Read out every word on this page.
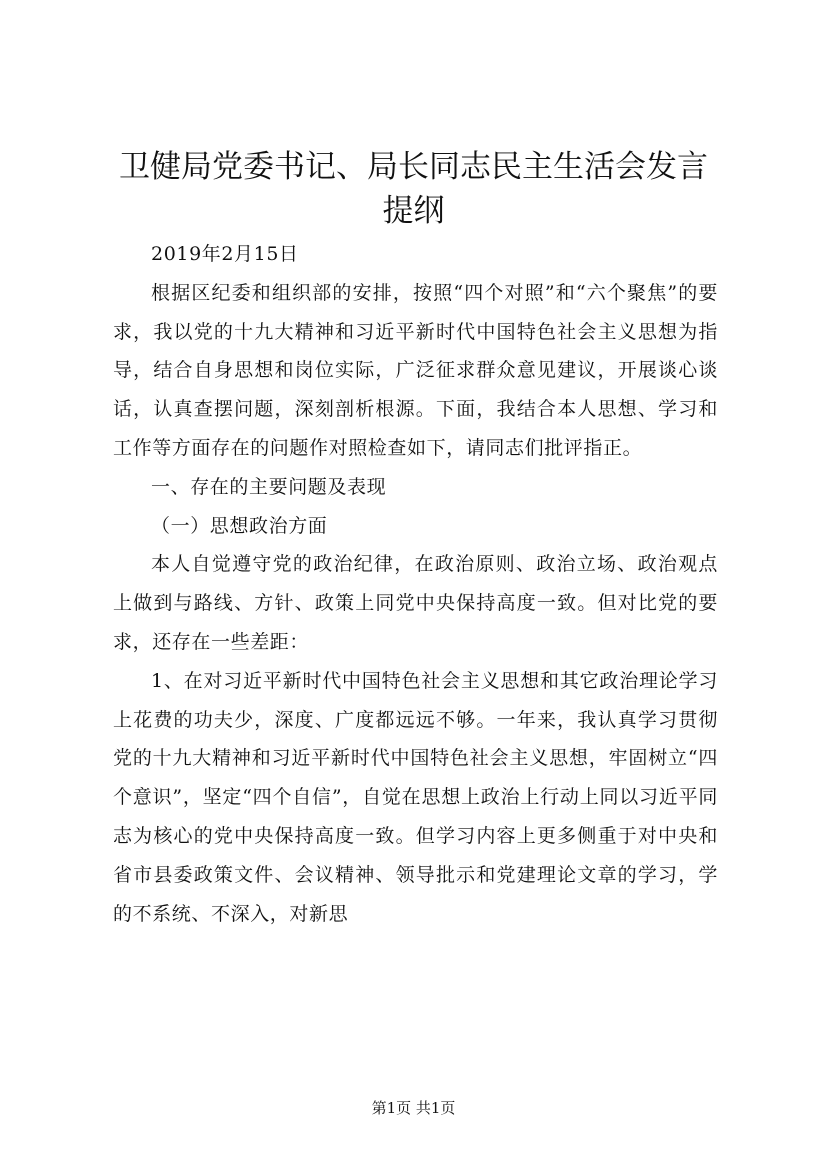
卫健局党委书记、局长同志民主生活会发言提纲

2019年2月15日

根据区纪委和组织部的安排，按照“四个对照”和“六个聚焦”的要求，我以党的十九大精神和习近平新时代中国特色社会主义思想为指导，结合自身思想和岗位实际，广泛征求群众意见建议，开展谈心谈话，认真查摆问题，深刻剖析根源。下面，我结合本人思想、学习和工作等方面存在的问题作对照检查如下，请同志们批评指正。

一、存在的主要问题及表现

（一）思想政治方面

本人自觉遵守党的政治纪律，在政治原则、政治立场、政治观点上做到与路线、方针、政策上同党中央保持高度一致。但对比党的要求，还存在一些差距：

1、在对习近平新时代中国特色社会主义思想和其它政治理论学习上花费的功夫少，深度、广度都远远不够。一年来，我认真学习贯彻党的十九大精神和习近平新时代中国特色社会主义思想，牢固树立“四个意识”，坚定“四个自信”，自觉在思想上政治上行动上同以习近平同志为核心的党中央保持高度一致。但学习内容上更多侧重于对中央和省市县委政策文件、会议精神、领导批示和党建理论文章的学习，学的不系统、不深入，对新思

第1页 共1页
